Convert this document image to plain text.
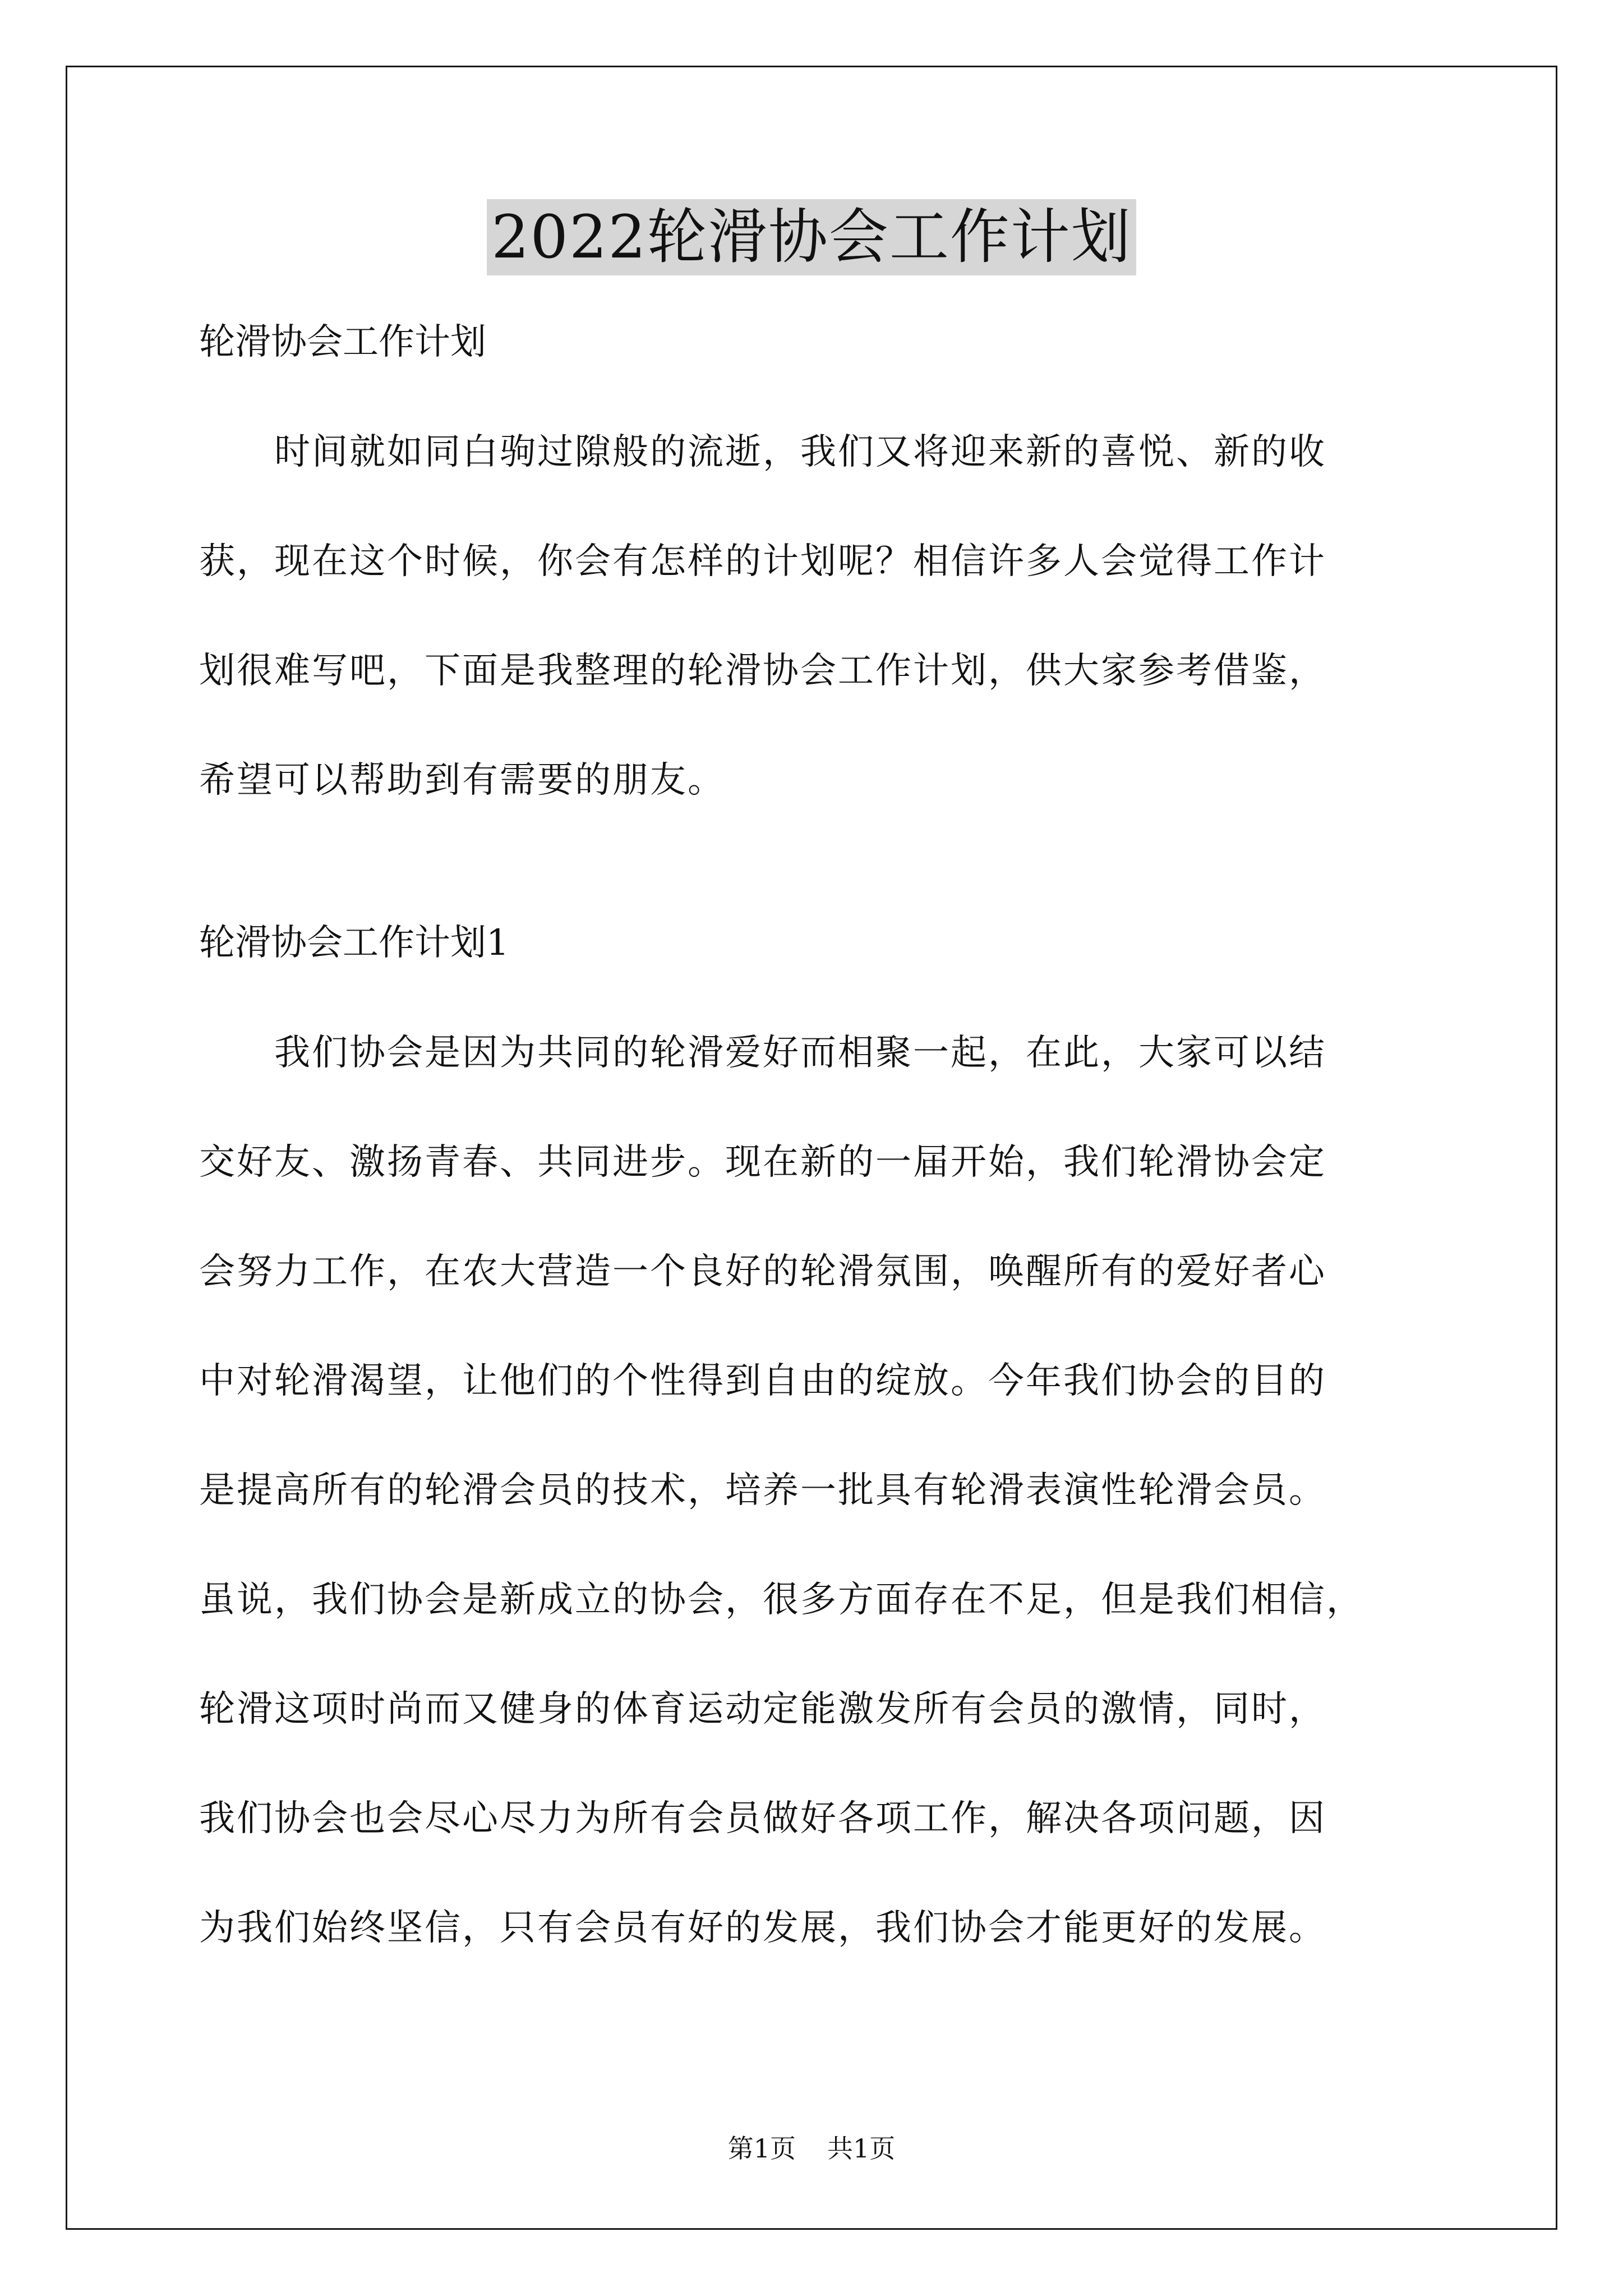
2022轮滑协会工作计划

轮滑协会工作计划

　　时间就如同白驹过隙般的流逝，我们又将迎来新的喜悦、新的收

获，现在这个时候，你会有怎样的计划呢？相信许多人会觉得工作计

划很难写吧，下面是我整理的轮滑协会工作计划，供大家参考借鉴，

希望可以帮助到有需要的朋友。

轮滑协会工作计划1

　　我们协会是因为共同的轮滑爱好而相聚一起，在此，大家可以结

交好友、激扬青春、共同进步。现在新的一届开始，我们轮滑协会定

会努力工作，在农大营造一个良好的轮滑氛围，唤醒所有的爱好者心

中对轮滑渴望，让他们的个性得到自由的绽放。今年我们协会的目的

是提高所有的轮滑会员的技术，培养一批具有轮滑表演性轮滑会员。

虽说，我们协会是新成立的协会，很多方面存在不足，但是我们相信，

轮滑这项时尚而又健身的体育运动定能激发所有会员的激情，同时，

我们协会也会尽心尽力为所有会员做好各项工作，解决各项问题，因

为我们始终坚信，只有会员有好的发展，我们协会才能更好的发展。

第1页 共1页
